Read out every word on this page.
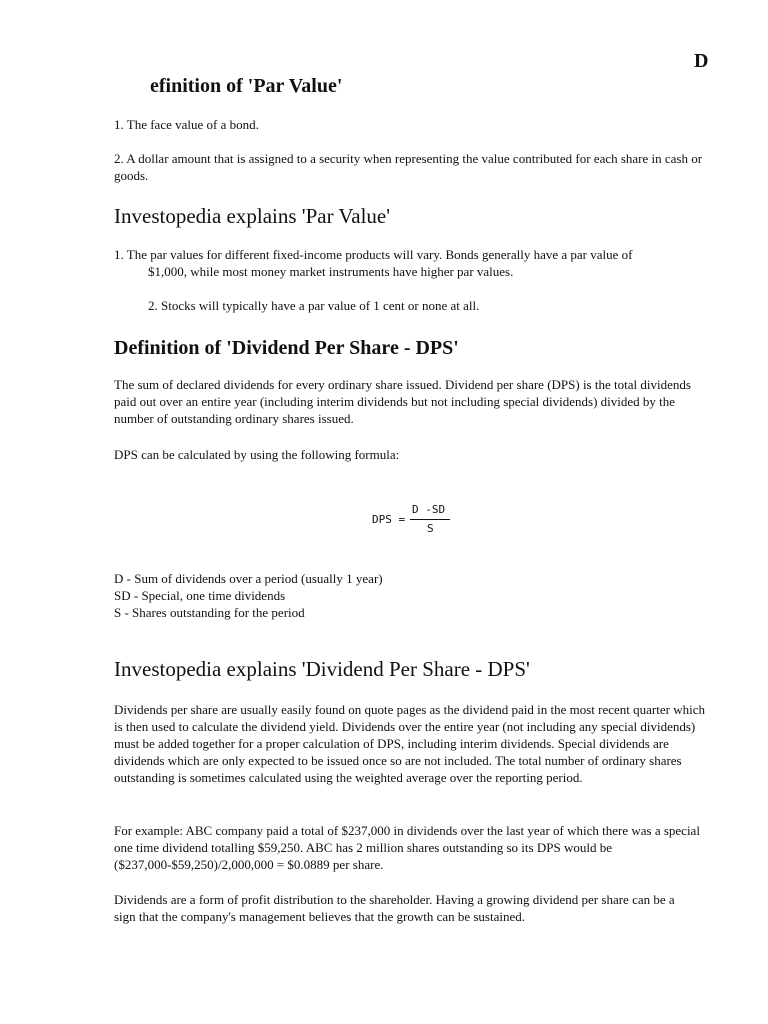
D
efinition of 'Par Value'

1. The face value of a bond.

2. A dollar amount that is assigned to a security when representing the value contributed for each share in cash or goods.

Investopedia explains 'Par Value'

1. The par values for different fixed-income products will vary. Bonds generally have a par value of

$1,000, while most money market instruments have higher par values.

2. Stocks will typically have a par value of 1 cent or none at all.

Definition of 'Dividend Per Share - DPS'

The sum of declared dividends for every ordinary share issued. Dividend per share (DPS) is the total dividends paid out over an entire year (including interim dividends but not including special dividends) divided by the number of outstanding ordinary shares issued.

DPS can be calculated by using the following formula:

DPS =
D -SD
S

D - Sum of dividends over a period (usually 1 year)

SD - Special, one time dividends

S - Shares outstanding for the period

Investopedia explains 'Dividend Per Share - DPS'

Dividends per share are usually easily found on quote pages as the dividend paid in the most recent quarter which is then used to calculate the dividend yield. Dividends over the entire year (not including any special dividends) must be added together for a proper calculation of DPS, including interim dividends. Special dividends are dividends which are only expected to be issued once so are not included. The total number of ordinary shares outstanding is sometimes calculated using the weighted average over the reporting period.

For example: ABC company paid a total of $237,000 in dividends over the last year of which there was a special one time dividend totalling $59,250. ABC has 2 million shares outstanding so its DPS would be ($237,000-$59,250)/2,000,000 = $0.0889 per share.

Dividends are a form of profit distribution to the shareholder. Having a growing dividend per share can be a sign that the company's management believes that the growth can be sustained.
